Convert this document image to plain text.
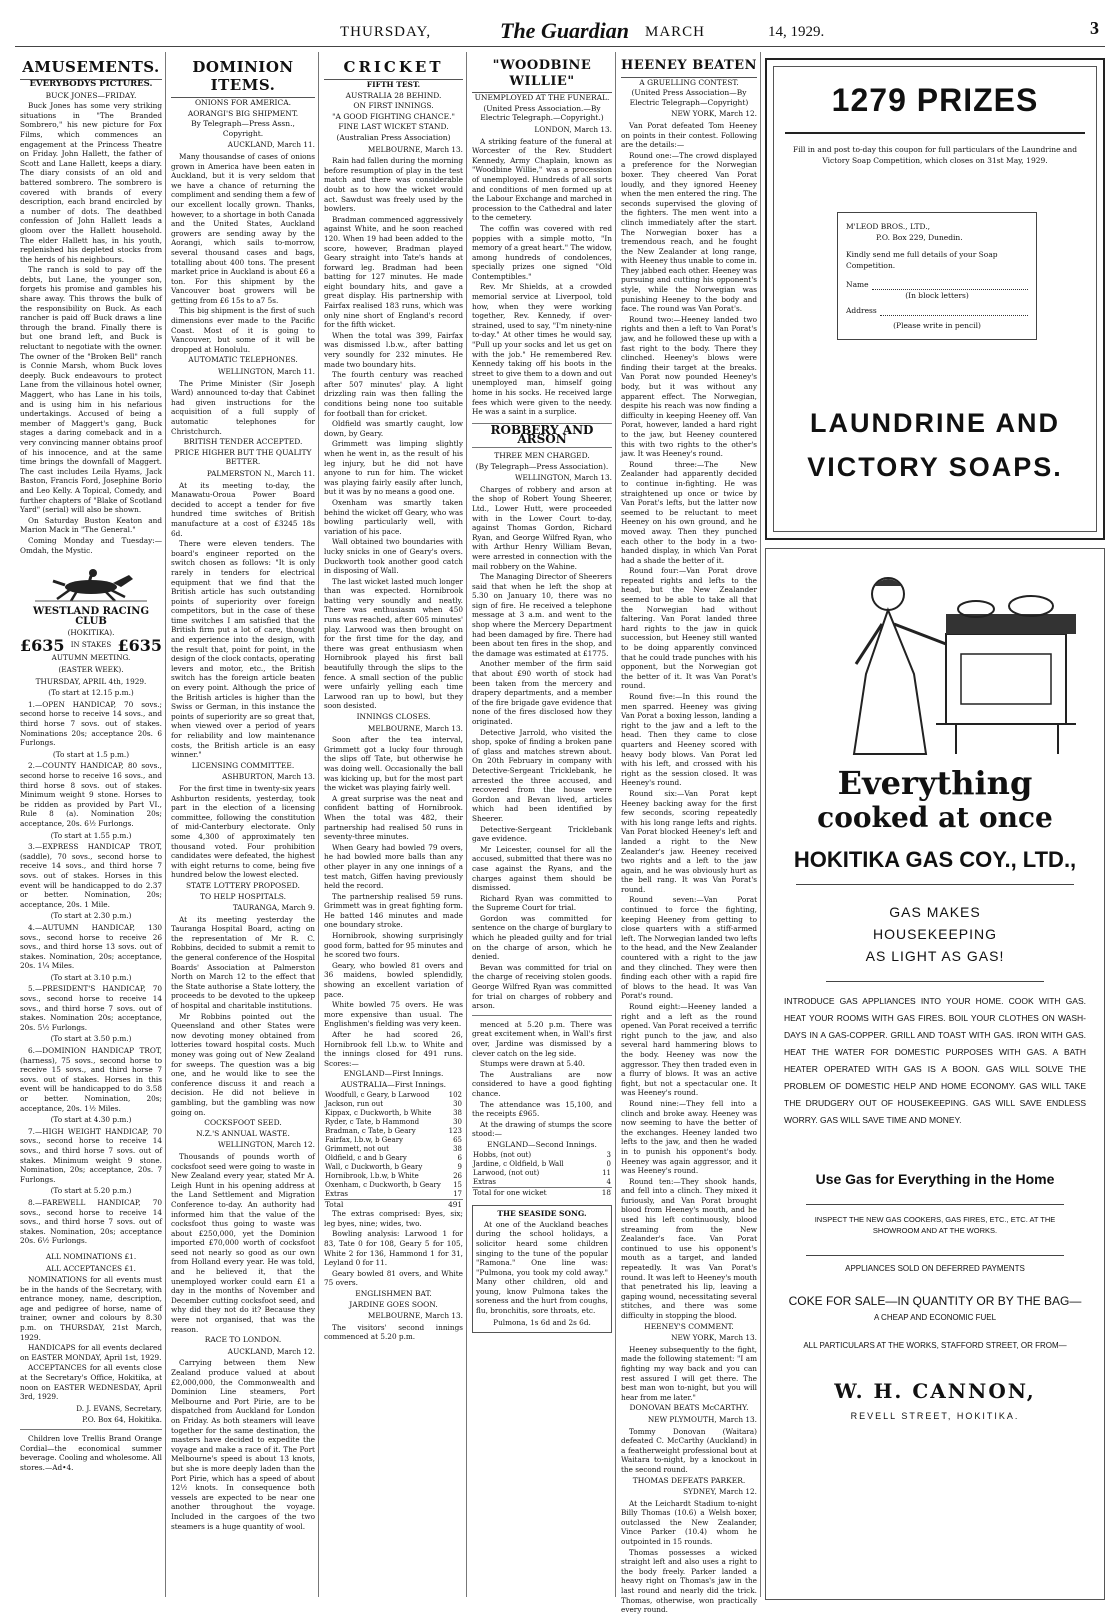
THURSDAY,	The Guardian MARCH	14, 1929.	3
AMUSEMENTS.

EVERYBODYS PICTURES.

BUCK JONES—FRIDAY.

Buck Jones has some very striking situations in "The Branded Sombrero," his new picture for Fox Films, which commences an engagement at the Princess Theatre on Friday. John Hallett, the father of Scott and Lane Hallett, keeps a diary. The diary consists of an old and battered sombrero. The sombrero is covered with brands of every description, each brand encircled by a number of dots. The deathbed confession of John Hallett leads a gloom over the Hallett household. The elder Hallett has, in his youth, replenished his depleted stocks from the herds of his neighbours.

The ranch is sold to pay off the debts, but Lane, the younger son, forgets his promise and gambles his share away. This throws the bulk of the responsibility on Buck. As each rancher is paid off Buck draws a line through the brand. Finally there is but one brand left, and Buck is reluctant to negotiate with the owner. The owner of the "Broken Bell" ranch is Connie Marsh, whom Buck loves deeply. Buck endeavours to protect Lane from the villainous hotel owner, Maggert, who has Lane in his toils, and is using him in his nefarious undertakings. Accused of being a member of Maggert's gang, Buck stages a daring comeback and in a very convincing manner obtains proof of his innocence, and at the same time brings the downfall of Maggert. The cast includes Leila Hyams, Jack Baston, Francis Ford, Josephine Borio and Leo Kelly. A Topical, Comedy, and further chapters of "Blake of Scotland Yard" (serial) will also be shown.

On Saturday Buston Keaton and Marion Mack in "The General."

Coming Monday and Tuesday:—Omdah, the Mystic.

WESTLAND RACING CLUB

(HOKITIKA).

£635 IN STAKES £635

AUTUMN MEETING.

(EASTER WEEK).

THURSDAY, APRIL 4th, 1929.

(To start at 12.15 p.m.)

1.—OPEN HANDICAP, 70 sovs.; second horse to receive 14 sovs., and third horse 7 sovs. out of stakes. Nominations 20s; acceptance 20s. 6 Furlongs.

(To start at 1.5 p.m.)

2.—COUNTY HANDICAP, 80 sovs., second horse to receive 16 sovs., and third horse 8 sovs. out of stakes. Minimum weight 9 stone. Horses to be ridden as provided by Part VI., Rule 8 (a). Nomination 20s; acceptance, 20s. 6½ Furlongs.

(To start at 1.55 p.m.)

3.—EXPRESS HANDICAP TROT, (saddle), 70 sovs., second horse to receive 14 sovs., and third horse 7 sovs. out of stakes. Horses in this event will be handicapped to do 2.37 or better. Nomination, 20s; acceptance, 20s. 1 Mile.

(To start at 2.30 p.m.)

4.—AUTUMN HANDICAP, 130 sovs., second horse to receive 26 sovs., and third horse 13 sovs. out of stakes. Nomination, 20s; acceptance, 20s. 1¼ Miles.

(To start at 3.10 p.m.)

5.—PRESIDENT'S HANDICAP, 70 sovs., second horse to receive 14 sovs., and third horse 7 sovs. out of stakes. Nomination 20s; acceptance, 20s. 5½ Furlongs.

(To start at 3.50 p.m.)

6.—DOMINION HANDICAP TROT, (harness), 75 sovs., second horse to receive 15 sovs., and third horse 7 sovs. out of stakes. Horses in this event will be handicapped to do 3.58 or better. Nomination, 20s; acceptance, 20s. 1½ Miles.

(To start at 4.30 p.m.)

7.—HIGH WEIGHT HANDICAP, 70 sovs., second horse to receive 14 sovs., and third horse 7 sovs. out of stakes. Minimum weight 9 stone. Nomination, 20s; acceptance, 20s. 7 Furlongs.

(To start at 5.20 p.m.)

8.—FAREWELL HANDICAP, 70 sovs., second horse to receive 14 sovs., and third horse 7 sovs. out of stakes. Nomination, 20s; acceptance 20s. 6½ Furlongs.

ALL NOMINATIONS £1.

ALL ACCEPTANCES £1.

NOMINATIONS for all events must be in the hands of the Secretary, with entrance money, name, description, age and pedigree of horse, name of trainer, owner and colours by 8.30 p.m. on THURSDAY, 21st March, 1929.

HANDICAPS for all events declared on EASTER MONDAY, April 1st, 1929.

ACCEPTANCES for all events close at the Secretary's Office, Hokitika, at noon on EASTER WEDNESDAY, April 3rd, 1929.

D. J. EVANS, Secretary,

P.O. Box 64, Hokitika.

Children love Trellis Brand Orange Cordial—the economical summer beverage. Cooling and wholesome. All stores.—Ad•4.

DOMINION ITEMS.

ONIONS FOR AMERICA.

AORANGI'S BIG SHIPMENT.

By Telegraph—Press Assn., Copyright.

AUCKLAND, March 11.

Many thousandse of cases of onions grown in America have been eaten in Auckland, but it is very seldom that we have a chance of returning the compliment and sending them a few of our excellent locally grown. Thanks, however, to a shortage in both Canada and the United States, Auckland growers are sending away by the Aorangi, which sails to-morrow, several thousand cases and bags, totalling about 400 tons. The present market price in Auckland is about £6 a ton. For this shipment by the Vancouver boat growers will be getting from £6 15s to a7 5s.

This big shipment is the first of such dimensions ever made to the Pacific Coast. Most of it is going to Vancouver, but some of it will be dropped at Honolulu.

AUTOMATIC TELEPHONES.

WELLINGTON, March 11.

The Prime Minister (Sir Joseph Ward) announced to-day that Cabinet had given instructions for the acquisition of a full supply of automatic telephones for Christchurch.

BRITISH TENDER ACCEPTED.

PRICE HIGHER BUT THE QUALITY BETTER.

PALMERSTON N., March 11.

At its meeting to-day, the Manawatu-Oroua Power Board decided to accept a tender for five hundred time switches of British manufacture at a cost of £3245 18s 6d.

There were eleven tenders. The board's engineer reported on the switch chosen as follows: "It is only rarely in tenders for electrical equipment that we find that the British article has such outstanding points of superiority over foreign competitors, but in the case of these time switches I am satisfied that the British firm put a lot of care, thought and experience into the design, with the result that, point for point, in the design of the clock contacts, operating levers and motor, etc., the British switch has the foreign article beaten on every point. Although the price of the British articles is higher than the Swiss or German, in this instance the points of superiority are so great that, when viewed over a period of years for reliability and low maintenance costs, the British article is an easy winner."

LICENSING COMMITTEE.

ASHBURTON, March 13.

For the first time in twenty-six years Ashburton residents, yesterday, took part in the election of a licensing committee, following the constitution of mid-Canterbury electorate. Only some 4,300 of approximately ten thousand voted. Four prohibition candidates were defeated, the highest with eight returns to come, being five hundred below the lowest elected.

STATE LOTTERY PROPOSED.

TO HELP HOSPITALS.

TAURANGA, March 9.

At its meeting yesterday the Tauranga Hospital Board, acting on the representation of Mr R. C. Robbins, decided to submit a remit to the general conference of the Hospital Boards' Association at Palmerston North on March 12 to the effect that the State authorise a State lottery, the proceeds to be devoted to the upkeep of hospital and charitable institutions.

Mr Robbins pointed out the Queensland and other States were now devoting money obtained from lotteries toward hospital costs. Much money was going out of New Zealand for sweeps. The question was a big one, and he would like to see the conference discuss it and reach a decision. He did not believe in gambling, but the gambling was now going on.

COCKSFOOT SEED.

N.Z.'S ANNUAL WASTE.

WELLINGTON, March 12.

Thousands of pounds worth of cocksfoot seed were going to waste in New Zealand every year, stated Mr A. Leigh Hunt in his opening address at the Land Settlement and Migration Conference to-day. An authority had informed him that the value of the cocksfoot thus going to waste was about £250,000, yet the Dominion imported £70,000 worth of cocksfoot seed not nearly so good as our own from Holland every year. He was told, and he believed it, that the unemployed worker could earn £1 a day in the months of November and December cutting cocksfoot seed, and why did they not do it? Because they were not organised, that was the reason.

RACE TO LONDON.

AUCKLAND, March 12.

Carrying between them New Zealand produce valued at about £2,000,000, the Commonwealth and Dominion Line steamers, Port Melbourne and Port Pirie, are to be dispatched from Auckland for London on Friday. As both steamers will leave together for the same destination, the masters have decided to expedite the voyage and make a race of it. The Port Melbourne's speed is about 13 knots, but she is more deeply laden than the Port Pirie, which has a speed of about 12½ knots. In consequence both vessels are expected to be near one another throughout the voyage. Included in the cargoes of the two steamers is a huge quantity of wool.

CRICKET

FIFTH TEST.

AUSTRALIA 28 BEHIND.

ON FIRST INNINGS.

"A GOOD FIGHTING CHANCE."

FINE LAST WICKET STAND.

(Australian Press Association)

MELBOURNE, March 13.

Rain had fallen during the morning before resumption of play in the test match and there was considerable doubt as to how the wicket would act. Sawdust was freely used by the bowlers.

Bradman commenced aggressively against White, and he soon reached 120. When 19 had been added to the score, however, Bradman played Geary straight into Tate's hands at forward leg. Bradman had been batting for 127 minutes. He made eight boundary hits, and gave a great display. His partnership with Fairfax realised 183 runs, which was only nine short of England's record for the fifth wicket.

When the total was 399, Fairfax was dismissed l.b.w., after batting very soundly for 232 minutes. He made two boundary hits.

The fourth century was reached after 507 minutes' play. A light drizzling rain was then falling the conditions being none too suitable for football than for cricket.

Oldfield was smartly caught, low down, by Geary.

Grimmett was limping slightly when he went in, as the result of his leg injury, but he did not have anyone to run for him. The wicket was playing fairly easily after lunch, but it was by no means a good one.

Oxenham was smartly taken behind the wicket off Geary, who was bowling particularly well, with variation of his pace.

Wall obtained two boundaries with lucky snicks in one of Geary's overs. Duckworth took another good catch in disposing of Wall.

The last wicket lasted much longer than was expected. Hornibrook batting very soundly and neatly. There was enthusiasm when 450 runs was reached, after 605 minutes' play. Larwood was then brought on for the first time for the day, and there was great enthusiasm when Hornibrook played his first ball beautifully through the slips to the fence. A small section of the public were unfairly yelling each time Larwood ran up to bowl, but they soon desisted.

INNINGS CLOSES.

MELBOURNE, March 13.

Soon after the tea interval, Grimmett got a lucky four through the slips off Tate, but otherwise he was doing well. Occasionally the ball was kicking up, but for the most part the wicket was playing fairly well.

A great surprise was the neat and confident batting of Hornibrook. When the total was 482, their partnership had realised 50 runs in seventy-three minutes.

When Geary had bowled 79 overs, he had bowled more balls than any other player in any one innings of a test match, Giffen having previously held the record.

The partnership realised 59 runs. Grimmett was in great fighting form. He batted 146 minutes and made one boundary stroke.

Hornibrook, showing surprisingly good form, batted for 95 minutes and he scored two fours.

Geary, who bowled 81 overs and 36 maidens, bowled splendidly, showing an excellent variation of pace.

White bowled 75 overs. He was more expensive than usual. The Englishmen's fielding was very keen.

After he had scored 26, Hornibrook fell l.b.w. to White and the innings closed for 491 runs. Scores:—

ENGLAND—First Innings.

AUSTRALIA—First Innings.

Woodfull, c Geary, b Larwood	102
Jackson, run out	30
Kippax, c Duckworth, b White	38
Ryder, c Tate, b Hammond	30
Bradman, c Tate, b Geary	123
Fairfax, l.b.w, b Geary	65
Grimmett, not out	38
Oldfield, c and b Geary	6
Wall, c Duckworth, b Geary	9
Hornibrook, l.b.w, b White	26
Oxenham, c Duckworth, b Geary	15
Extras	17
Total	491

The extras comprised: Byes, six; leg byes, nine; wides, two.

Bowling analysis: Larwood 1 for 83, Tate 0 for 108, Geary 5 for 105, White 2 for 136, Hammond 1 for 31, Leyland 0 for 11.

Geary bowled 81 overs, and White 75 overs.

ENGLISHMEN BAT.

JARDINE GOES SOON.

MELBOURNE, March 13.

The visitors' second innings commenced at 5.20 p.m.

"WOODBINE WILLIE"

UNEMPLOYED AT THE FUNERAL.

(United Press Association.—By Electric Telegraph.—Copyright.)

LONDON, March 13.

A striking feature of the funeral at Worcester of the Rev. Studdert Kennedy, Army Chaplain, known as "Woodbine Willie," was a procession of unemployed. Hundreds of all sorts and conditions of men formed up at the Labour Exchange and marched in procession to the Cathedral and later to the cemetery.

The coffin was covered with red poppies with a simple motto, "In memory of a great heart." The widow, among hundreds of condolences, specially prizes one signed "Old Contemptibles."

Rev. Mr Shields, at a crowded memorial service at Liverpool, told how, when they were working together, Rev. Kennedy, if over-strained, used to say, "I'm ninety-nine to-day." At other times he would say, "Pull up your socks and let us get on with the job." He remembered Rev. Kennedy taking off his boots in the street to give them to a down and out unemployed man, himself going home in his socks. He received large fees which were given to the needy. He was a saint in a surplice.

ROBBERY AND ARSON

THREE MEN CHARGED.

(By Telegraph—Press Association).

WELLINGTON, March 13.

Charges of robbery and arson at the shop of Robert Young Sheerer, Ltd., Lower Hutt, were proceeded with in the Lower Court to-day, against Thomas Gordon, Richard Ryan, and George Wilfred Ryan, who with Arthur Henry William Bevan, were arrested in connection with the mail robbery on the Wahine.

The Managing Director of Sheerers said that when he left the shop at 5.30 on January 10, there was no sign of fire. He received a telephone message at 3 a.m. and went to the shop where the Mercery Department had been damaged by fire. There had been about ten fires in the shop, and the damage was estimated at £1775.

Another member of the firm said that about £90 worth of stock had been taken from the mercery and drapery departments, and a member of the fire brigade gave evidence that none of the fires disclosed how they originated.

Detective Jarrold, who visited the shop, spoke of finding a broken pane of glass and matches strewn about. On 20th February in company with Detective-Sergeant Tricklebank, he arrested the three accused, and recovered from the house were Gordon and Bevan lived, articles which had been identified by Sheerer.

Detective-Sergeant Tricklebank gave evidence.

Mr Leicester, counsel for all the accused, submitted that there was no case against the Ryans, and the charges against them should be dismissed.

Richard Ryan was committed to the Supreme Court for trial.

Gordon was committed for sentence on the charge of burglary to which he pleaded guilty and for trial on the charge of arson, which he denied.

Bevan was committed for trial on the charge of receiving stolen goods. George Wilfred Ryan was committed for trial on charges of robbery and arson.

menced at 5.20 p.m. There was great excitement when, in Wall's first over, Jardine was dismissed by a clever catch on the leg side.

Stumps were drawn at 5.40.

The Australians are now considered to have a good fighting chance.

The attendance was 15,100, and the receipts £965.

At the drawing of stumps the score stood:—

ENGLAND—Second Innings.

Hobbs, (not out)	3
Jardine, c Oldfield, b Wall	0
Larwood, (not out)	11
Extras	4
Total for one wicket	18

THE SEASIDE SONG.

At one of the Auckland beaches during the school holidays, a solicitor heard some children singing to the tune of the popular "Ramona." One line was: "Pulmona, you took my cold away." Many other children, old and young, know Pulmona takes the soreness and the hurt from coughs, flu, bronchitis, sore throats, etc.

Pulmona, 1s 6d and 2s 6d.

HEENEY BEATEN

A GRUELLING CONTEST.

(United Press Association—By Electric Telegraph—Copyright)

NEW YORK, March 12.

Van Porat defeated Tom Heeney on points in their contest. Following are the details:—

Round one:—The crowd displayed a preference for the Norwegian boxer. They cheered Van Porat loudly, and they ignored Heeney when the men entered the ring. The seconds supervised the gloving of the fighters. The men went into a clinch immediately after the start. The Norwegian boxer has a tremendous reach, and he fought the New Zealander at long range, with Heeney thus unable to come in. They jabbed each other. Heeney was pursuing and cutting his opponent's style, while the Norwegian was punishing Heeney to the body and face. The round was Van Porat's.

Round two:—Heeney landed two rights and then a left to Van Porat's jaw, and he followed these up with a fast right to the body. There they clinched. Heeney's blows were finding their target at the breaks. Van Porat now pounded Heeney's body, but it was without any apparent effect. The Norwegian, despite his reach was now finding a difficulty in keeping Heeney off. Van Porat, however, landed a hard right to the jaw, but Heeney countered this with two rights to the other's jaw. It was Heeney's round.

Round three:—The New Zealander had apparently decided to continue in-fighting. He was straightened up once or twice by Van Porat's lefts, but the latter now seemed to be reluctant to meet Heeney on his own ground, and he moved away. Then they punched each other to the body in a two-handed display, in which Van Porat had a shade the better of it.

Round four:—Van Porat drove repeated rights and lefts to the head, but the New Zealander seemed to be able to take all that the Norwegian had without faltering. Van Porat landed three hard rights to the jaw in quick succession, but Heeney still wanted to be doing apparently convinced that he could trade punches with his opponent, but the Norwegian got the better of it. It was Van Porat's round.

Round five:—In this round the men sparred. Heeney was giving Van Porat a boxing lesson, landing a right to the jaw and a left to the head. Then they came to close quarters and Heeney scored with heavy body blows. Van Porat led with his left, and crossed with his right as the session closed. It was Heeney's round.

Round six:—Van Porat kept Heeney backing away for the first few seconds, scoring repeatedly with his long range lefts and rights. Van Porat blocked Heeney's left and landed a right to the New Zealander's jaw. Heeney received two rights and a left to the jaw again, and he was obviously hurt as the bell rang. It was Van Porat's round.

Round seven:—Van Porat continued to force the fighting, keeping Heeney from getting to close quarters with a stiff-armed left. The Norwegian landed two lefts to the head, and the New Zealander countered with a right to the jaw and they clinched. They were then finding each other with a rapid fire of blows to the head. It was Van Porat's round.

Round eight:—Heeney landed a right and a left as the round opened. Van Porat received a terrific right punch to the jaw, and also several hard hammering blows to the body. Heeney was now the aggressor. They then traded even in a flurry of blows. It was an active fight, but not a spectacular one. It was Heeney's round.

Round nine:—They fell into a clinch and broke away. Heeney was now seeming to have the better of the exchanges. Heeney landed two lefts to the jaw, and then he waded in to punish his opponent's body. Heeney was again aggressor, and it was Heeney's round.

Round ten:—They shook hands, and fell into a clinch. They mixed it furiously, and Van Porat brought blood from Heeney's mouth, and he used his left continuously, blood streaming from the New Zealander's face. Van Porat continued to use his opponent's mouth as a target, and landed repeatedly. It was Van Porat's round. It was left to Heeney's mouth that penetrated his lip, leaving a gaping wound, necessitating several stitches, and there was some difficulty in stopping the blood.

HEENEY'S COMMENT.

NEW YORK, March 13.

Heeney subsequently to the fight, made the following statement: "I am fighting my way back and you can rest assured I will get there. The best man won to-night, but you will hear from me later."

DONOVAN BEATS McCARTHY.

NEW PLYMOUTH, March 13.

Tommy Donovan (Waitara) defeated C. McCarthy (Auckland) in a featherweight professional bout at Waitara to-night, by a knockout in the second round.

THOMAS DEFEATS PARKER.

SYDNEY, March 12.

At the Leichardt Stadium to-night Billy Thomas (10.6) a Welsh boxer, outclassed the New Zealander, Vince Parker (10.4) whom he outpointed in 15 rounds.

Thomas possesses a wicked straight left and also uses a right to the body freely. Parker landed a heavy right on Thomas's jaw in the last round and nearly did the trick. Thomas, otherwise, won practically every round.

1279 PRIZES
Fill in and post to-day this coupon for full particulars of the Laundrine and Victory Soap Competition, which closes on 31st May, 1929.
M'LEOD BROS., LTD.,
P.O. Box 229, Dunedin.
Kindly send me full details of your Soap Competition.
Name
(In block letters)
Address
(Please write in pencil)
LAUNDRINE AND
VICTORY SOAPS.
Everything
cooked at once
HOKITIKA GAS COY., LTD.,
GAS MAKES
HOUSEKEEPING
AS LIGHT AS GAS!
INTRODUCE GAS APPLIANCES INTO YOUR HOME. COOK WITH GAS. HEAT YOUR ROOMS WITH GAS FIRES. BOIL YOUR CLOTHES ON WASH-DAYS IN A GAS-COPPER. GRILL AND TOAST WITH GAS. IRON WITH GAS. HEAT THE WATER FOR DOMESTIC PURPOSES WITH GAS. A BATH HEATER OPERATED WITH GAS IS A BOON. GAS WILL SOLVE THE PROBLEM OF DOMESTIC HELP AND HOME ECONOMY. GAS WILL TAKE THE DRUDGERY OUT OF HOUSEKEEPING. GAS WILL SAVE ENDLESS WORRY. GAS WILL SAVE TIME AND MONEY.
Use Gas for Everything in the Home
INSPECT THE NEW GAS COOKERS, GAS FIRES, ETC., ETC. AT THE SHOWROOM AND AT THE WORKS.
APPLIANCES SOLD ON DEFERRED PAYMENTS
COKE FOR SALE—IN QUANTITY OR BY THE BAG—
A CHEAP AND ECONOMIC FUEL
ALL PARTICULARS AT THE WORKS, STAFFORD STREET, OR FROM—
W. H. CANNON,
REVELL STREET, HOKITIKA.
